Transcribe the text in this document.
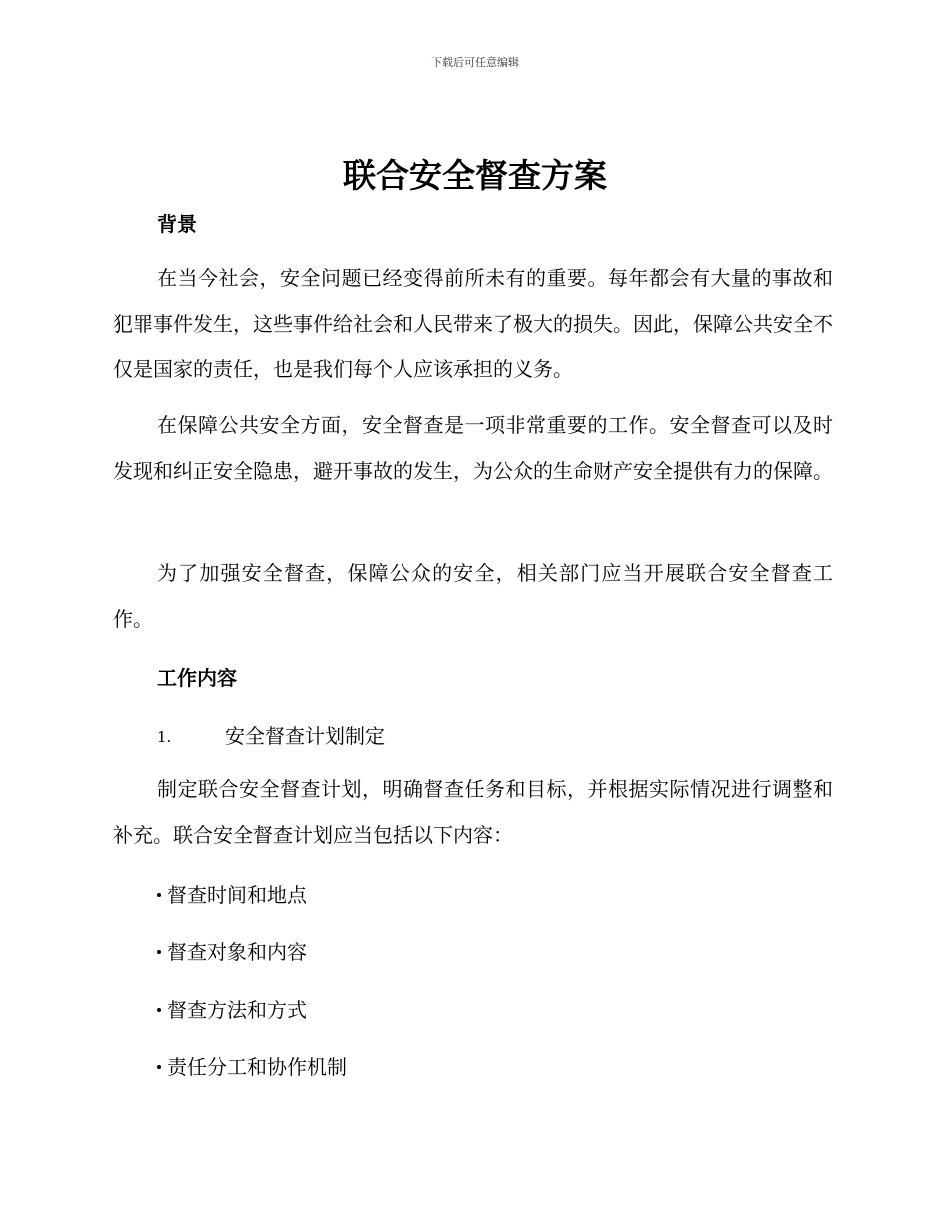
下载后可任意编辑
联合安全督查方案
背景

在当今社会，安全问题已经变得前所未有的重要。每年都会有大量的事故和犯罪事件发生，这些事件给社会和人民带来了极大的损失。因此，保障公共安全不仅是国家的责任，也是我们每个人应该承担的义务。

在保障公共安全方面，安全督查是一项非常重要的工作。安全督查可以及时发现和纠正安全隐患，避开事故的发生，为公众的生命财产安全提供有力的保障。

为了加强安全督查，保障公众的安全，相关部门应当开展联合安全督查工作。

工作内容
1.	安全督查计划制定

制定联合安全督查计划，明确督查任务和目标，并根据实际情况进行调整和补充。联合安全督查计划应当包括以下内容：

督查时间和地点
督查对象和内容
督查方法和方式
责任分工和协作机制
